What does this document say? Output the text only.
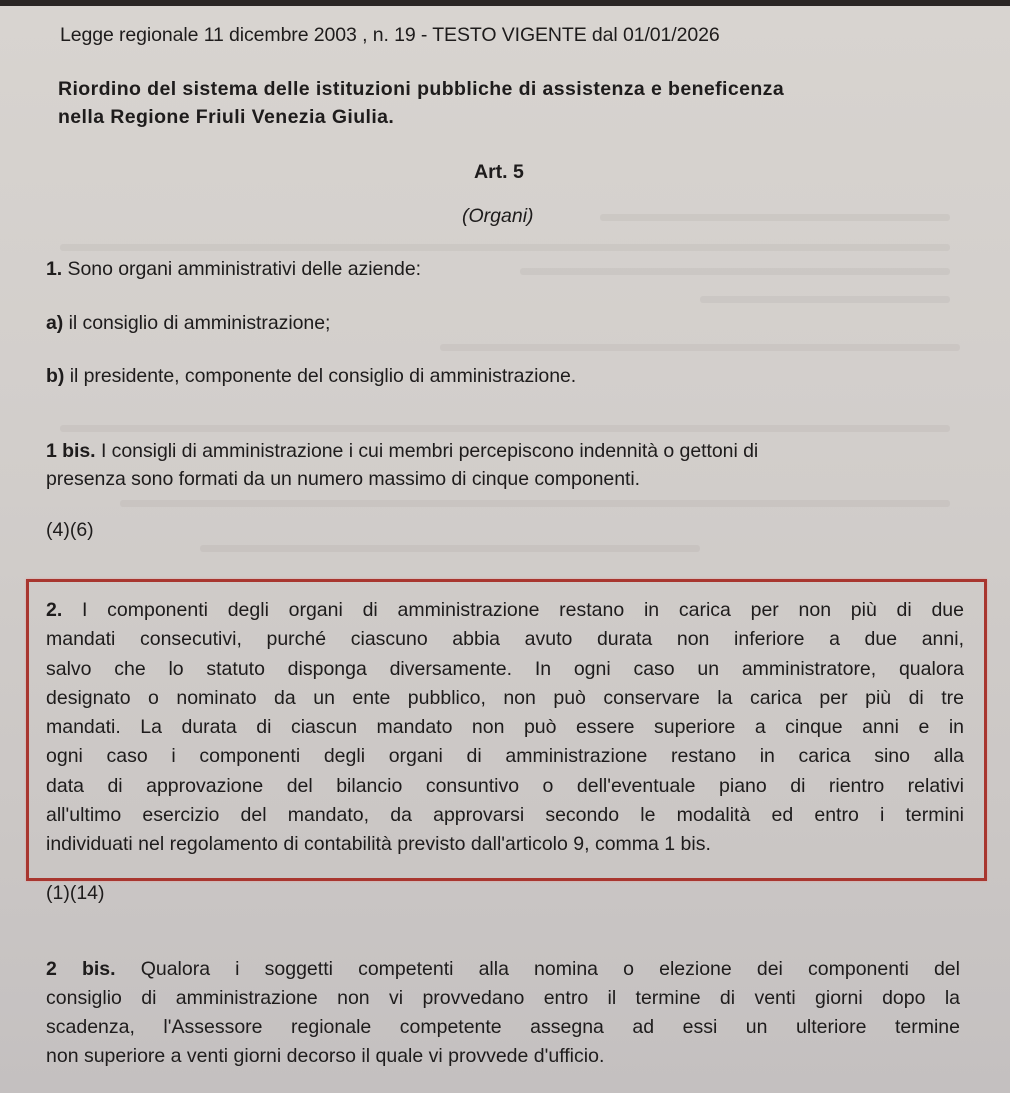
Legge regionale 11 dicembre 2003 , n. 19 - TESTO VIGENTE dal 01/01/2026
Riordino del sistema delle istituzioni pubbliche di assistenza e beneficenza
nella Regione Friuli Venezia Giulia.
Art. 5
(Organi)
1. Sono organi amministrativi delle aziende:
a) il consiglio di amministrazione;
b) il presidente, componente del consiglio di amministrazione.
1 bis. I consigli di amministrazione i cui membri percepiscono indennità o gettoni di
presenza sono formati da un numero massimo di cinque componenti.
(4)(6)
2. I componenti degli organi di amministrazione restano in carica per non più di due
mandati consecutivi, purché ciascuno abbia avuto durata non inferiore a due anni,
salvo che lo statuto disponga diversamente. In ogni caso un amministratore, qualora
designato o nominato da un ente pubblico, non può conservare la carica per più di tre
mandati. La durata di ciascun mandato non può essere superiore a cinque anni e in
ogni caso i componenti degli organi di amministrazione restano in carica sino alla
data di approvazione del bilancio consuntivo o dell'eventuale piano di rientro relativi
all'ultimo esercizio del mandato, da approvarsi secondo le modalità ed entro i termini
individuati nel regolamento di contabilità previsto dall'articolo 9, comma 1 bis.
(1)(14)
2 bis. Qualora i soggetti competenti alla nomina o elezione dei componenti del
consiglio di amministrazione non vi provvedano entro il termine di venti giorni dopo la
scadenza, l'Assessore regionale competente assegna ad essi un ulteriore termine
non superiore a venti giorni decorso il quale vi provvede d'ufficio.
